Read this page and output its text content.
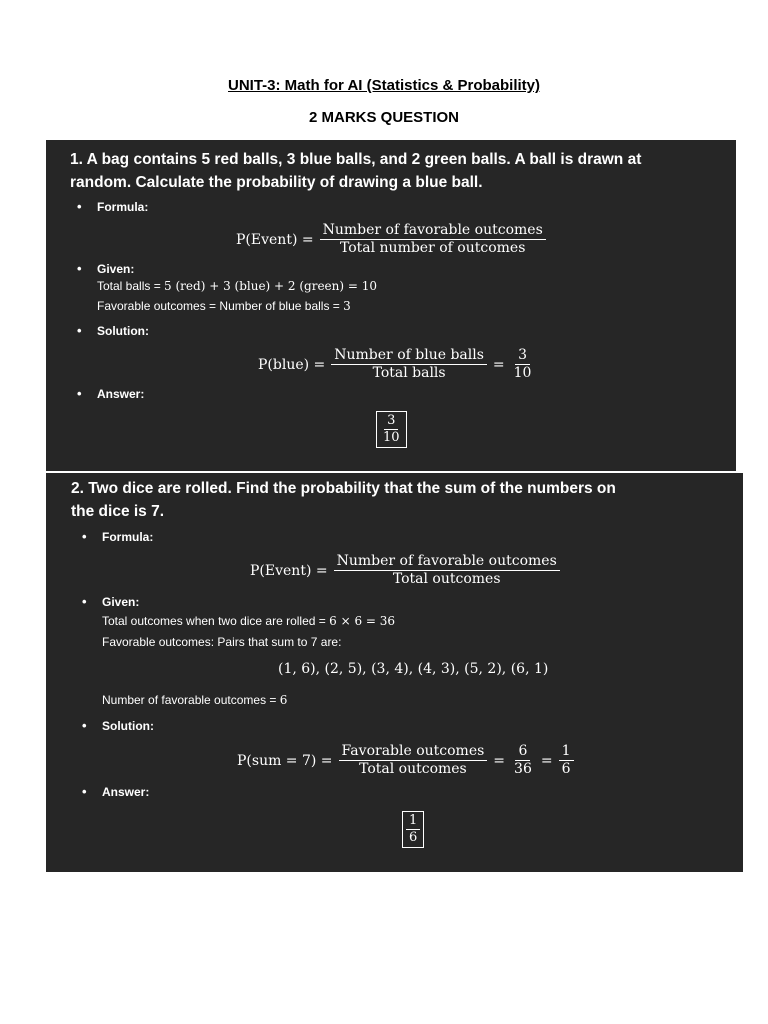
UNIT-3: Math for AI (Statistics & Probability)
2 MARKS QUESTION
1. A bag contains 5 red balls, 3 blue balls, and 2 green balls. A ball is drawn at
random. Calculate the probability of drawing a blue ball.
• Formula:
P(Event) = $\frac{\text{Number of favorable outcomes}}{\text{Total number of outcomes}}$
• Given:
Total balls = 5 (red) + 3 (blue) + 2 (green) = 10
Favorable outcomes = Number of blue balls = 3
• Solution:
P(blue) = $\frac{\text{Number of blue balls}}{\text{Total balls}} = \frac{3}{10}$
• Answer:
$\frac{3}{10}$
2. Two dice are rolled. Find the probability that the sum of the numbers on
the dice is 7.
• Formula:
P(Event) = $\frac{\text{Number of favorable outcomes}}{\text{Total outcomes}}$
• Given:
Total outcomes when two dice are rolled = 6 × 6 = 36
Favorable outcomes: Pairs that sum to 7 are:
(1, 6), (2, 5), (3, 4), (4, 3), (5, 2), (6, 1)
Number of favorable outcomes = 6
• Solution:
$P(sum = 7) = \frac{\text{Favorable outcomes}}{\text{Total outcomes}} = \frac{6}{36} = \frac{1}{6}$
• Answer:
$\frac{1}{6}$
